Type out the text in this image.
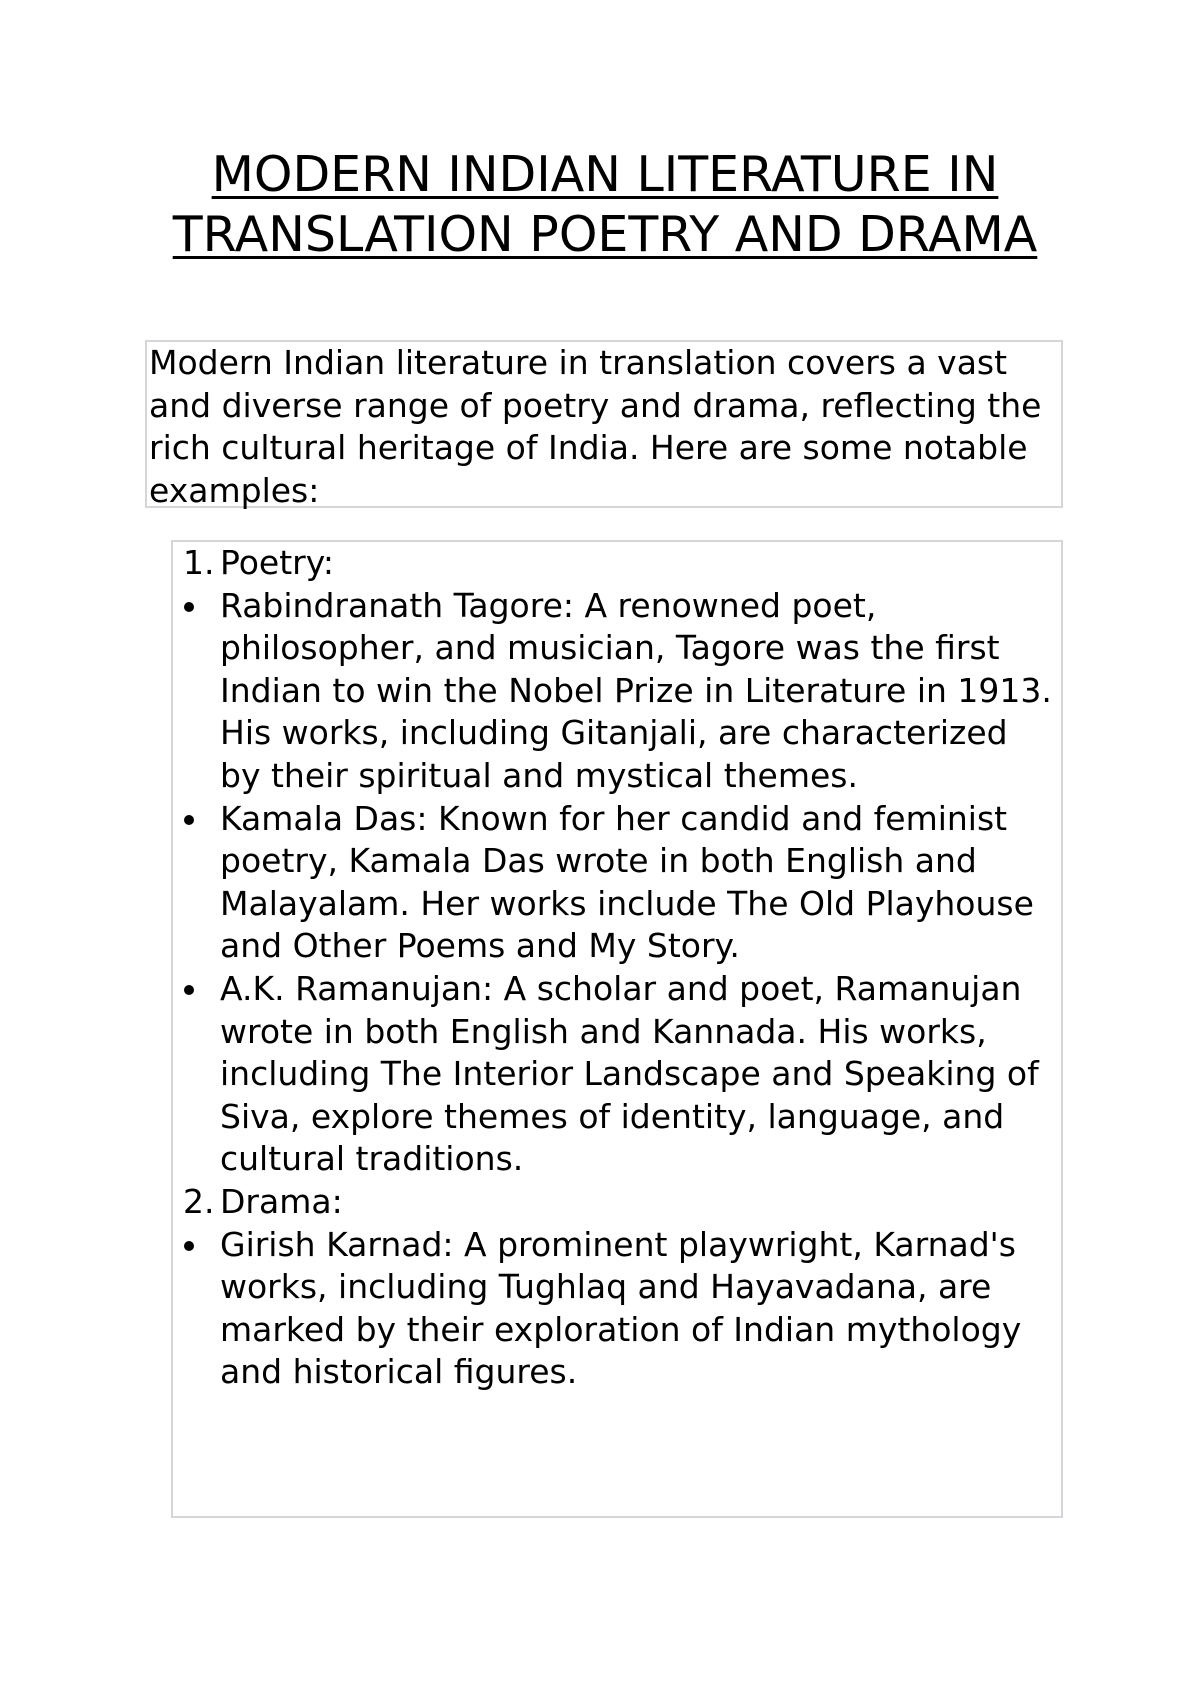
MODERN INDIAN LITERATURE IN TRANSLATION POETRY AND DRAMA

Modern Indian literature in translation covers a vast and diverse range of poetry and drama, reflecting the rich cultural heritage of India. Here are some notable examples:

1. Poetry:
Rabindranath Tagore: A renowned poet, philosopher, and musician, Tagore was the first Indian to win the Nobel Prize in Literature in 1913. His works, including Gitanjali, are characterized by their spiritual and mystical themes.
Kamala Das: Known for her candid and feminist poetry, Kamala Das wrote in both English and Malayalam. Her works include The Old Playhouse and Other Poems and My Story.
A.K. Ramanujan: A scholar and poet, Ramanujan wrote in both English and Kannada. His works, including The Interior Landscape and Speaking of Siva, explore themes of identity, language, and cultural traditions.
2. Drama:
Girish Karnad: A prominent playwright, Karnad's works, including Tughlaq and Hayavadana, are marked by their exploration of Indian mythology and historical figures.
